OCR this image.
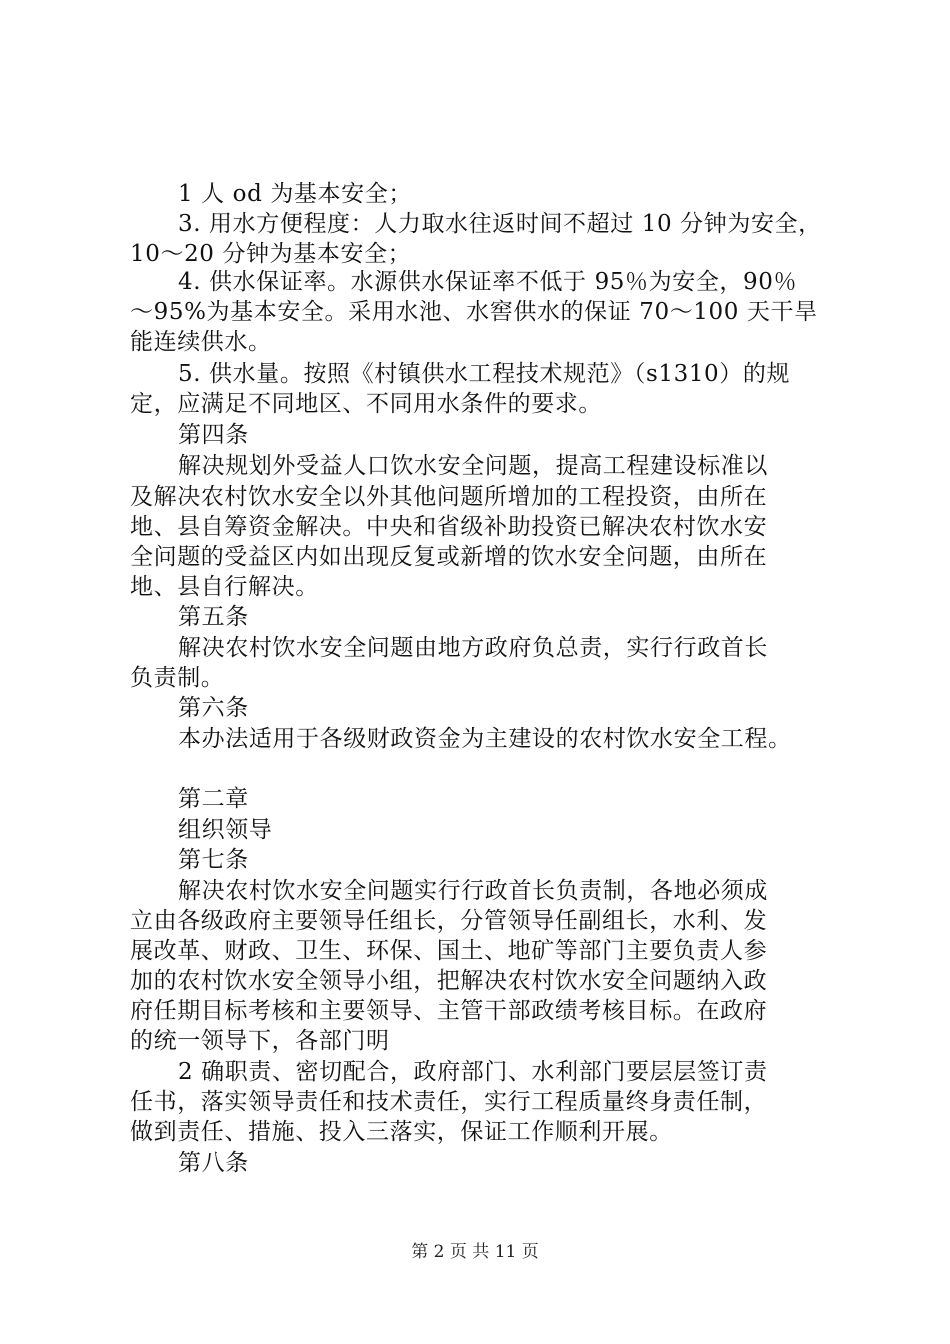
1 人 od 为基本安全；
3. 用水方便程度：人力取水往返时间不超过 10 分钟为安全，
10～20 分钟为基本安全；
4. 供水保证率。水源供水保证率不低于 95％为安全，90％
～95%为基本安全。采用水池、水窖供水的保证 70～100 天干旱
能连续供水。
5. 供水量。按照《村镇供水工程技术规范》（s1310）的规
定，应满足不同地区、不同用水条件的要求。
第四条
解决规划外受益人口饮水安全问题，提高工程建设标准以
及解决农村饮水安全以外其他问题所增加的工程投资，由所在
地、县自筹资金解决。中央和省级补助投资已解决农村饮水安
全问题的受益区内如出现反复或新增的饮水安全问题，由所在
地、县自行解决。
第五条
解决农村饮水安全问题由地方政府负总责，实行行政首长
负责制。
第六条
本办法适用于各级财政资金为主建设的农村饮水安全工程。
第二章
组织领导
第七条
解决农村饮水安全问题实行行政首长负责制，各地必须成
立由各级政府主要领导任组长，分管领导任副组长，水利、发
展改革、财政、卫生、环保、国土、地矿等部门主要负责人参
加的农村饮水安全领导小组，把解决农村饮水安全问题纳入政
府任期目标考核和主要领导、主管干部政绩考核目标。在政府
的统一领导下，各部门明
2 确职责、密切配合，政府部门、水利部门要层层签订责
任书，落实领导责任和技术责任，实行工程质量终身责任制，
做到责任、措施、投入三落实，保证工作顺利开展。
第八条
第 2 页 共 11 页
